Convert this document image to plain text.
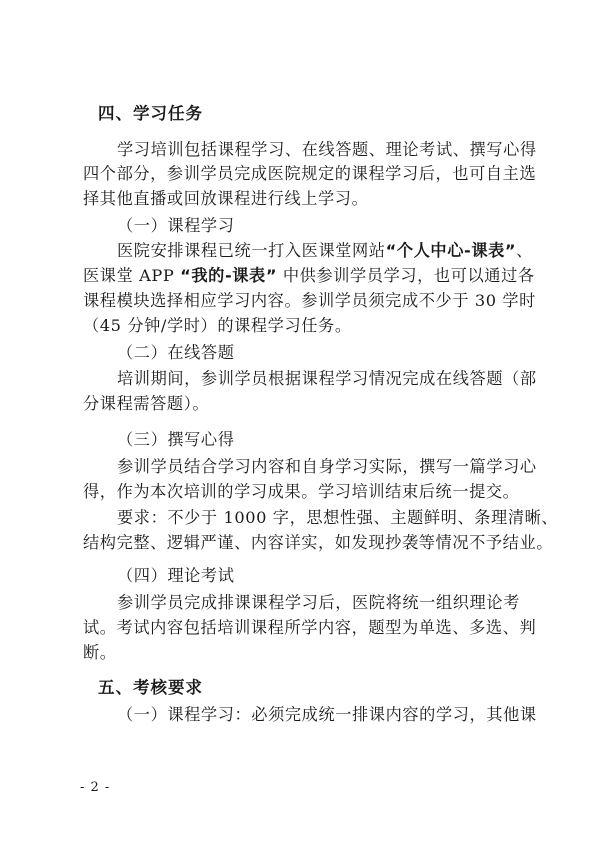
四、学习任务
学习培训包括课程学习、在线答题、理论考试、撰写心得
四个部分，参训学员完成医院规定的课程学习后，也可自主选
择其他直播或回放课程进行线上学习。
（一）课程学习
医院安排课程已统一打入医课堂网站“个人中心-课表”、
医课堂 APP “我的-课表” 中供参训学员学习，也可以通过各
课程模块选择相应学习内容。参训学员须完成不少于 30 学时
（45 分钟/学时）的课程学习任务。
（二）在线答题
培训期间，参训学员根据课程学习情况完成在线答题（部
分课程需答题）。
（三）撰写心得
参训学员结合学习内容和自身学习实际，撰写一篇学习心
得，作为本次培训的学习成果。学习培训结束后统一提交。
要求：不少于 1000 字，思想性强、主题鲜明、条理清晰、
结构完整、逻辑严谨、内容详实，如发现抄袭等情况不予结业。
（四）理论考试
参训学员完成排课课程学习后，医院将统一组织理论考
试。考试内容包括培训课程所学内容，题型为单选、多选、判
断。
五、考核要求
（一）课程学习：必须完成统一排课内容的学习，其他课
- 2 -
